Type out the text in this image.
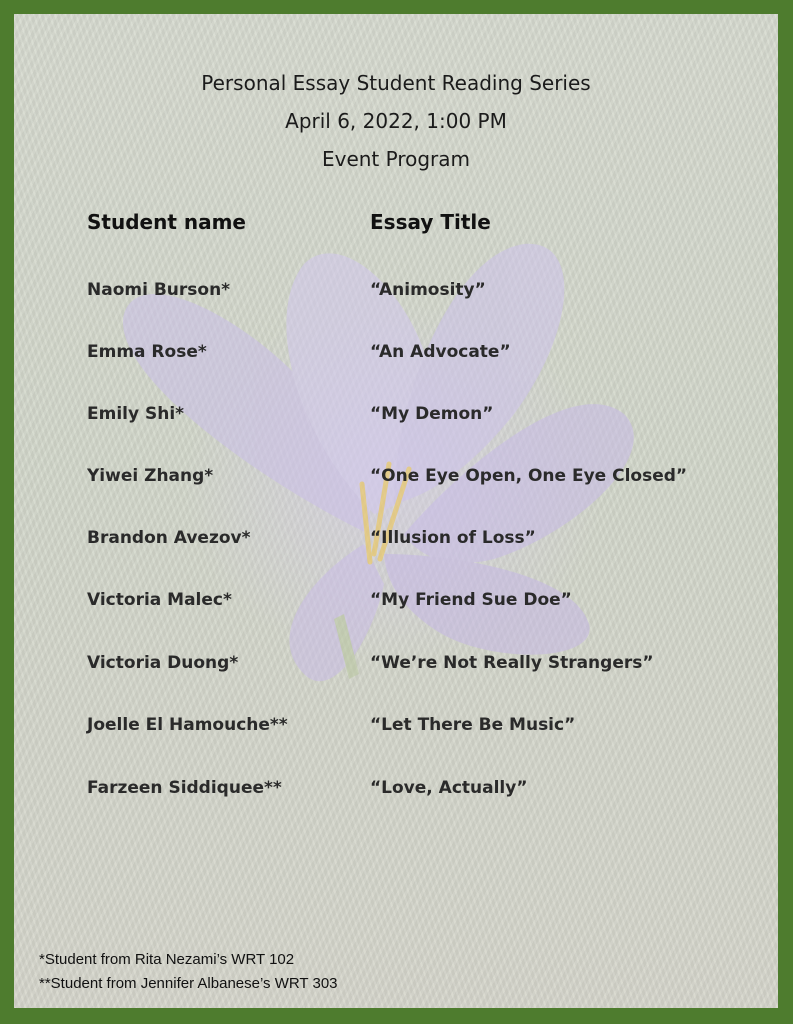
Personal Essay Student Reading Series
April 6, 2022, 1:00 PM
Event Program
Student name	Essay Title
Naomi Burson*	“Animosity”
Emma Rose*	“An Advocate”
Emily Shi*	“My Demon”
Yiwei Zhang*	“One Eye Open, One Eye Closed”
Brandon Avezov*	“Illusion of Loss”
Victoria Malec*	“My Friend Sue Doe”
Victoria Duong*	“We’re Not Really Strangers”
Joelle El Hamouche**	“Let There Be Music”
Farzeen Siddiquee**	“Love, Actually”
*Student from Rita Nezami’s WRT 102
**Student from Jennifer Albanese’s WRT 303
